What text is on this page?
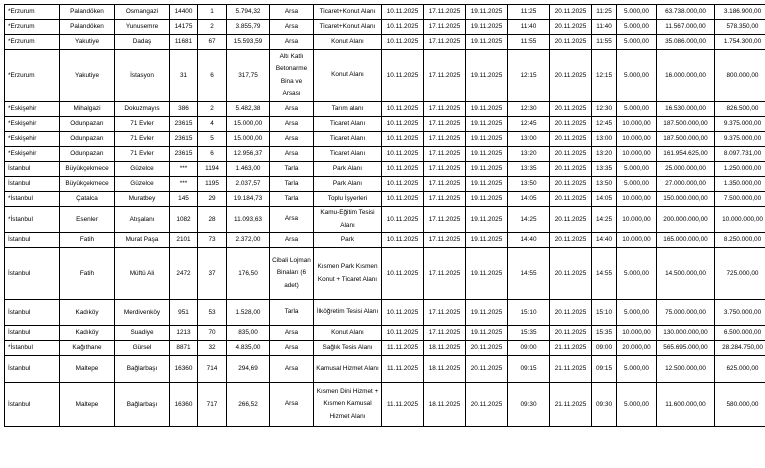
*Erzurum	Palandöken	Osmangazi	14400	1	5.794,32	Arsa	Ticaret+Konut Alanı	10.11.2025	17.11.2025	19.11.2025	11:25	20.11.2025	11:25	5.000,00	63.738.000,00	3.186.900,00
*Erzurum	Palandöken	Yunusemre	14175	2	3.855,79	Arsa	Ticaret+Konut Alanı	10.11.2025	17.11.2025	19.11.2025	11:40	20.11.2025	11:40	5.000,00	11.567.000,00	578.350,00
*Erzurum	Yakutiye	Dadaş	11681	67	15.593,59	Arsa	Konut Alanı	10.11.2025	17.11.2025	19.11.2025	11:55	20.11.2025	11:55	5.000,00	35.086.000,00	1.754.300,00
*Erzurum	Yakutiye	İstasyon	31	6	317,75	Altı Katlı Betonarme Bina ve Arsası	Konut Alanı	10.11.2025	17.11.2025	19.11.2025	12:15	20.11.2025	12:15	5.000,00	16.000.000,00	800.000,00
*Eskişehir	Mihalgazi	Dokuzmayıs	386	2	5.482,38	Arsa	Tarım alanı	10.11.2025	17.11.2025	19.11.2025	12:30	20.11.2025	12:30	5.000,00	16.530.000,00	826.500,00
*Eskişehir	Odunpazarı	71 Evler	23615	4	15.000,00	Arsa	Ticaret Alanı	10.11.2025	17.11.2025	19.11.2025	12:45	20.11.2025	12:45	10.000,00	187.500.000,00	9.375.000,00
*Eskişehir	Odunpazarı	71 Evler	23615	5	15.000,00	Arsa	Ticaret Alanı	10.11.2025	17.11.2025	19.11.2025	13:00	20.11.2025	13:00	10.000,00	187.500.000,00	9.375.000,00
*Eskişehir	Odunpazarı	71 Evler	23615	6	12.956,37	Arsa	Ticaret Alanı	10.11.2025	17.11.2025	19.11.2025	13:20	20.11.2025	13:20	10.000,00	161.954.625,00	8.097.731,00
İstanbul	Büyükçekmece	Güzelce	***	1194	1.463,00	Tarla	Park Alanı	10.11.2025	17.11.2025	19.11.2025	13:35	20.11.2025	13:35	5.000,00	25.000.000,00	1.250.000,00
İstanbul	Büyükçekmece	Güzelce	***	1195	2.037,57	Tarla	Park Alanı	10.11.2025	17.11.2025	19.11.2025	13:50	20.11.2025	13:50	5.000,00	27.000.000,00	1.350.000,00
*İstanbul	Çatalca	Muratbey	145	29	19.184,73	Tarla	Toplu İşyerleri	10.11.2025	17.11.2025	19.11.2025	14:05	20.11.2025	14:05	10.000,00	150.000.000,00	7.500.000,00
*İstanbul	Esenler	Atışalanı	1082	28	11.093,63	Arsa	Kamu-Eğitim Tesisi Alanı	10.11.2025	17.11.2025	19.11.2025	14:25	20.11.2025	14:25	10.000,00	200.000.000,00	10.000.000,00
İstanbul	Fatih	Murat Paşa	2101	73	2.372,00	Arsa	Park	10.11.2025	17.11.2025	19.11.2025	14:40	20.11.2025	14:40	10.000,00	165.000.000,00	8.250.000,00
İstanbul	Fatih	Müftü Ali	2472	37	176,50	Cibali Lojman Binaları (6 adet)	Kısmen Park Kısmen Konut + Ticaret Alanı	10.11.2025	17.11.2025	19.11.2025	14:55	20.11.2025	14:55	5.000,00	14.500.000,00	725.000,00
İstanbul	Kadıköy	Merdivenköy	951	53	1.528,00	Tarla	İlköğretim Tesisi Alanı	10.11.2025	17.11.2025	19.11.2025	15:10	20.11.2025	15:10	5.000,00	75.000.000,00	3.750.000,00
İstanbul	Kadıköy	Suadiye	1213	70	835,00	Arsa	Konut Alanı	10.11.2025	17.11.2025	19.11.2025	15:35	20.11.2025	15:35	10.000,00	130.000.000,00	6.500.000,00
*İstanbul	Kağıthane	Gürsel	8871	32	4.835,00	Arsa	Sağlık Tesis Alanı	11.11.2025	18.11.2025	20.11.2025	09:00	21.11.2025	09:00	20.000,00	565.695.000,00	28.284.750,00
İstanbul	Maltepe	Bağlarbaşı	16360	714	294,69	Arsa	Kamusal Hizmet Alanı	11.11.2025	18.11.2025	20.11.2025	09:15	21.11.2025	09:15	5.000,00	12.500.000,00	625.000,00
İstanbul	Maltepe	Bağlarbaşı	16360	717	266,52	Arsa	Kısmen Dini Hizmet + Kısmen Kamusal Hizmet Alanı	11.11.2025	18.11.2025	20.11.2025	09:30	21.11.2025	09:30	5.000,00	11.600.000,00	580.000,00
